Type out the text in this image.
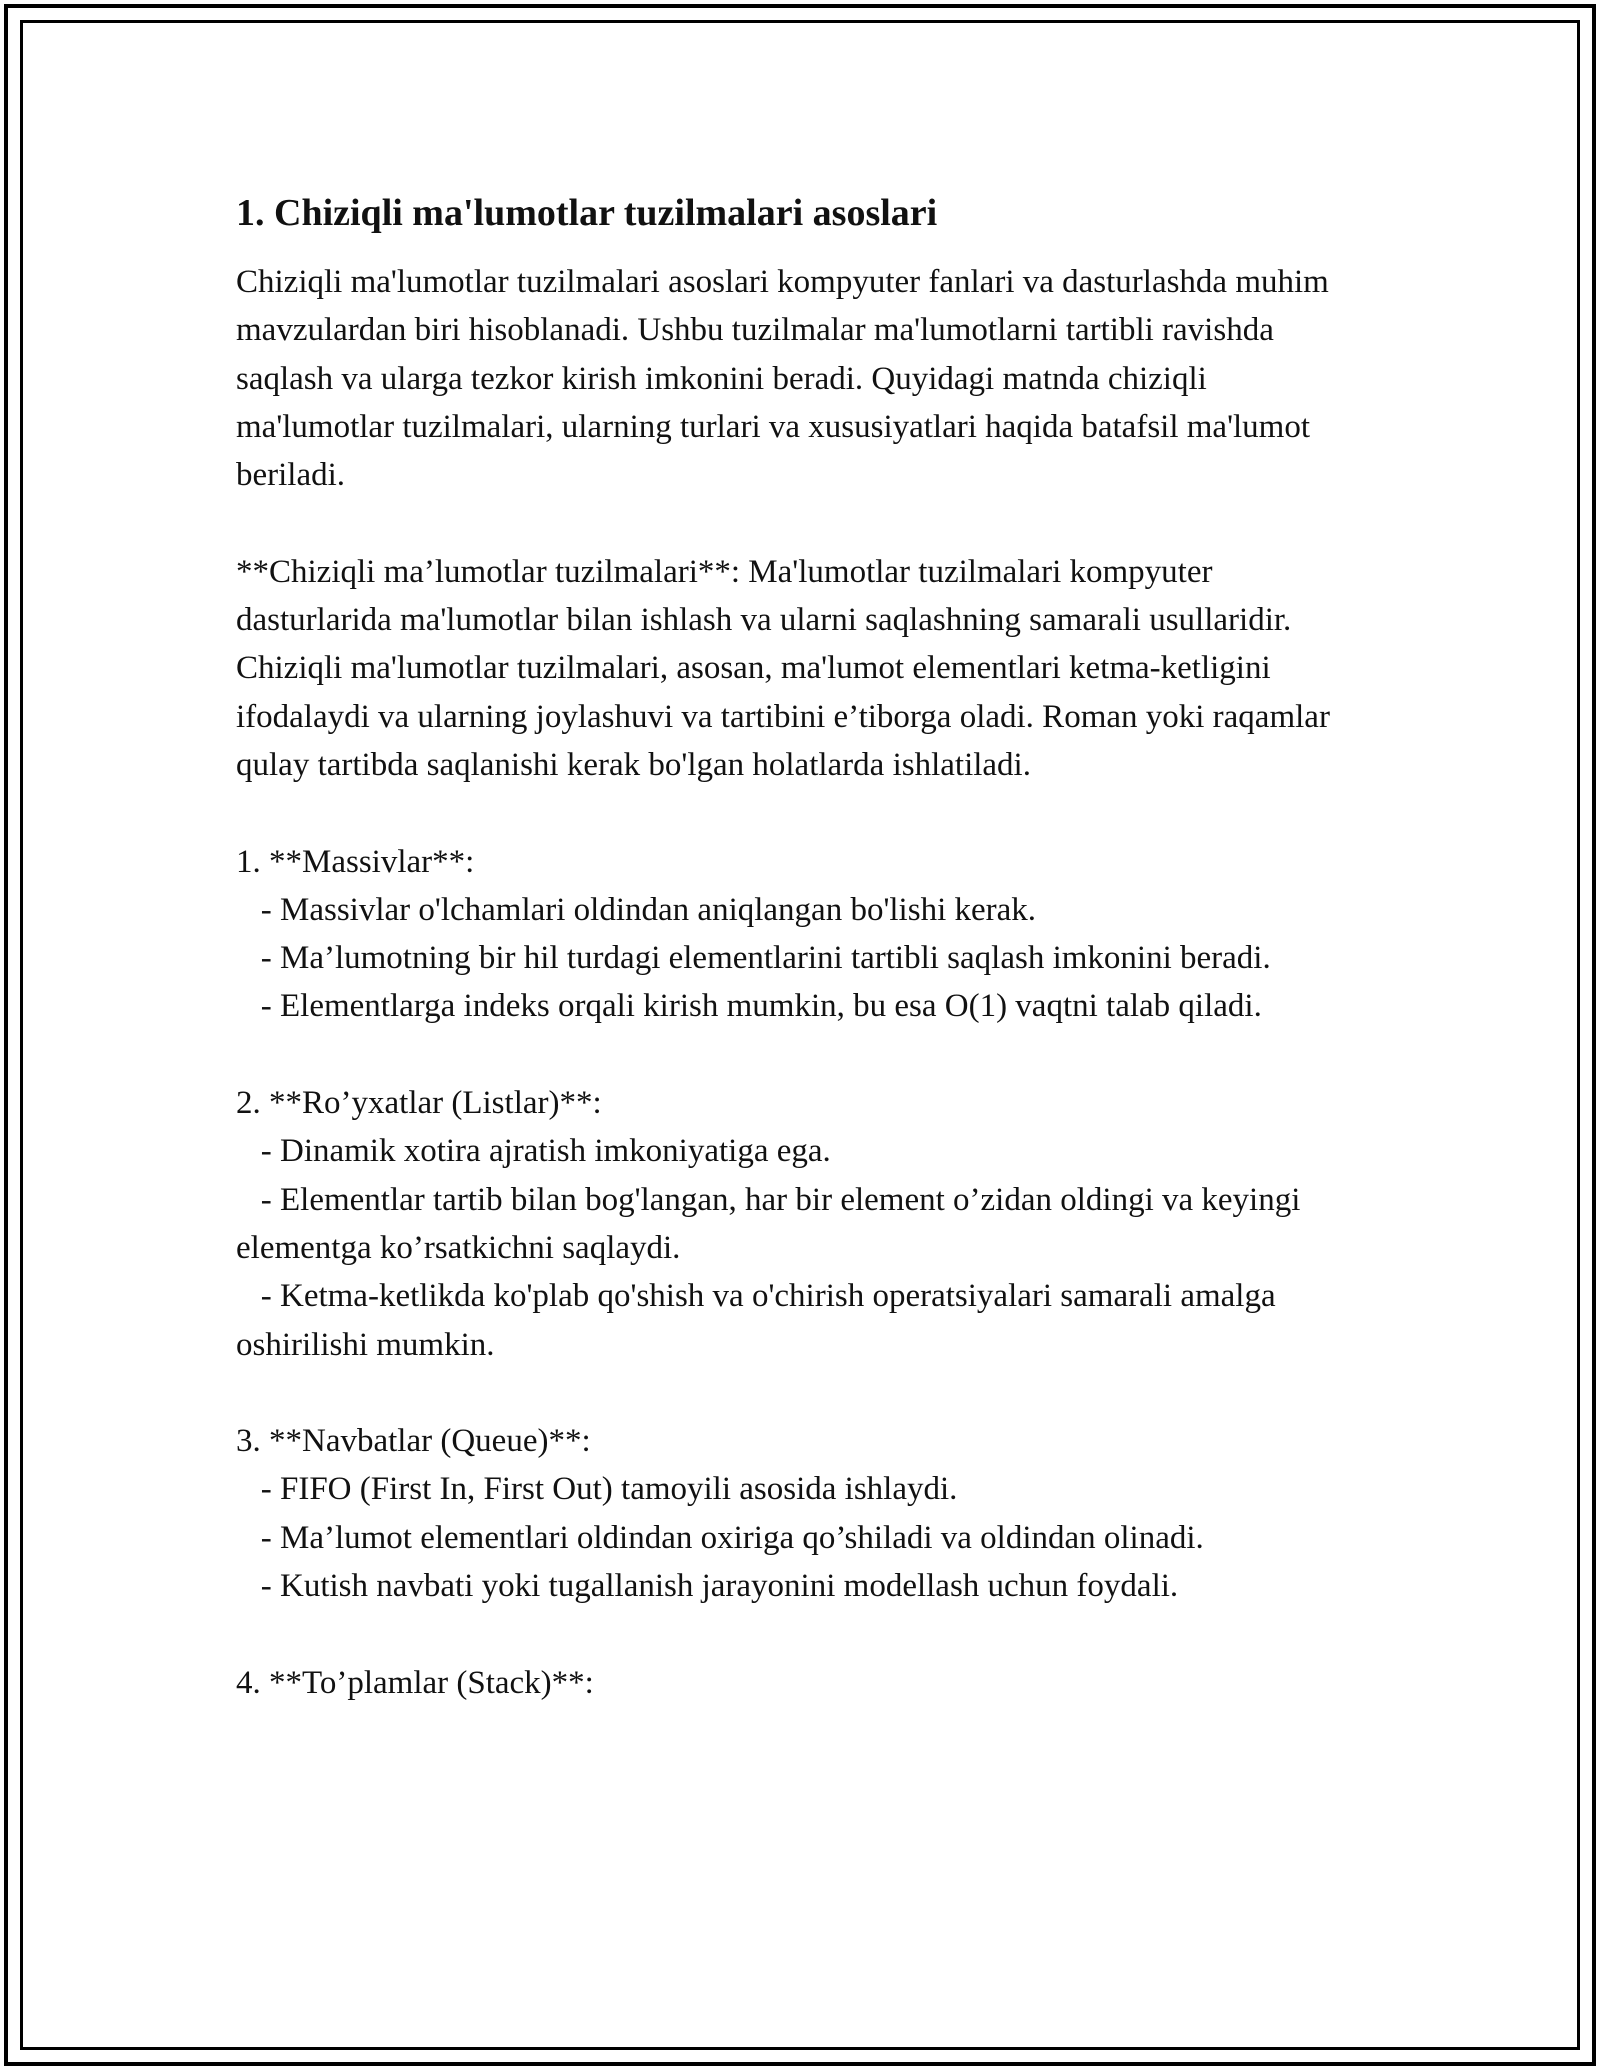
1. Chiziqli ma'lumotlar tuzilmalari asoslari

Chiziqli ma'lumotlar tuzilmalari asoslari kompyuter fanlari va dasturlashda muhim mavzulardan biri hisoblanadi. Ushbu tuzilmalar ma'lumotlarni tartibli ravishda saqlash va ularga tezkor kirish imkonini beradi. Quyidagi matnda chiziqli ma'lumotlar tuzilmalari, ularning turlari va xususiyatlari haqida batafsil ma'lumot beriladi.

**Chiziqli ma’lumotlar tuzilmalari**: Ma'lumotlar tuzilmalari kompyuter dasturlarida ma'lumotlar bilan ishlash va ularni saqlashning samarali usullaridir. Chiziqli ma'lumotlar tuzilmalari, asosan, ma'lumot elementlari ketma-ketligini ifodalaydi va ularning joylashuvi va tartibini e’tiborga oladi. Roman yoki raqamlar qulay tartibda saqlanishi kerak bo'lgan holatlarda ishlatiladi.

1. **Massivlar**:

- Massivlar o'lchamlari oldindan aniqlangan bo'lishi kerak.

- Ma’lumotning bir hil turdagi elementlarini tartibli saqlash imkonini beradi.

- Elementlarga indeks orqali kirish mumkin, bu esa O(1) vaqtni talab qiladi.

2. **Ro’yxatlar (Listlar)**:

- Dinamik xotira ajratish imkoniyatiga ega.

- Elementlar tartib bilan bog'langan, har bir element o’zidan oldingi va keyingi elementga ko’rsatkichni saqlaydi.

- Ketma-ketlikda ko'plab qo'shish va o'chirish operatsiyalari samarali amalga oshirilishi mumkin.

3. **Navbatlar (Queue)**:

- FIFO (First In, First Out) tamoyili asosida ishlaydi.

- Ma’lumot elementlari oldindan oxiriga qo’shiladi va oldindan olinadi.

- Kutish navbati yoki tugallanish jarayonini modellash uchun foydali.

4. **To’plamlar (Stack)**:
